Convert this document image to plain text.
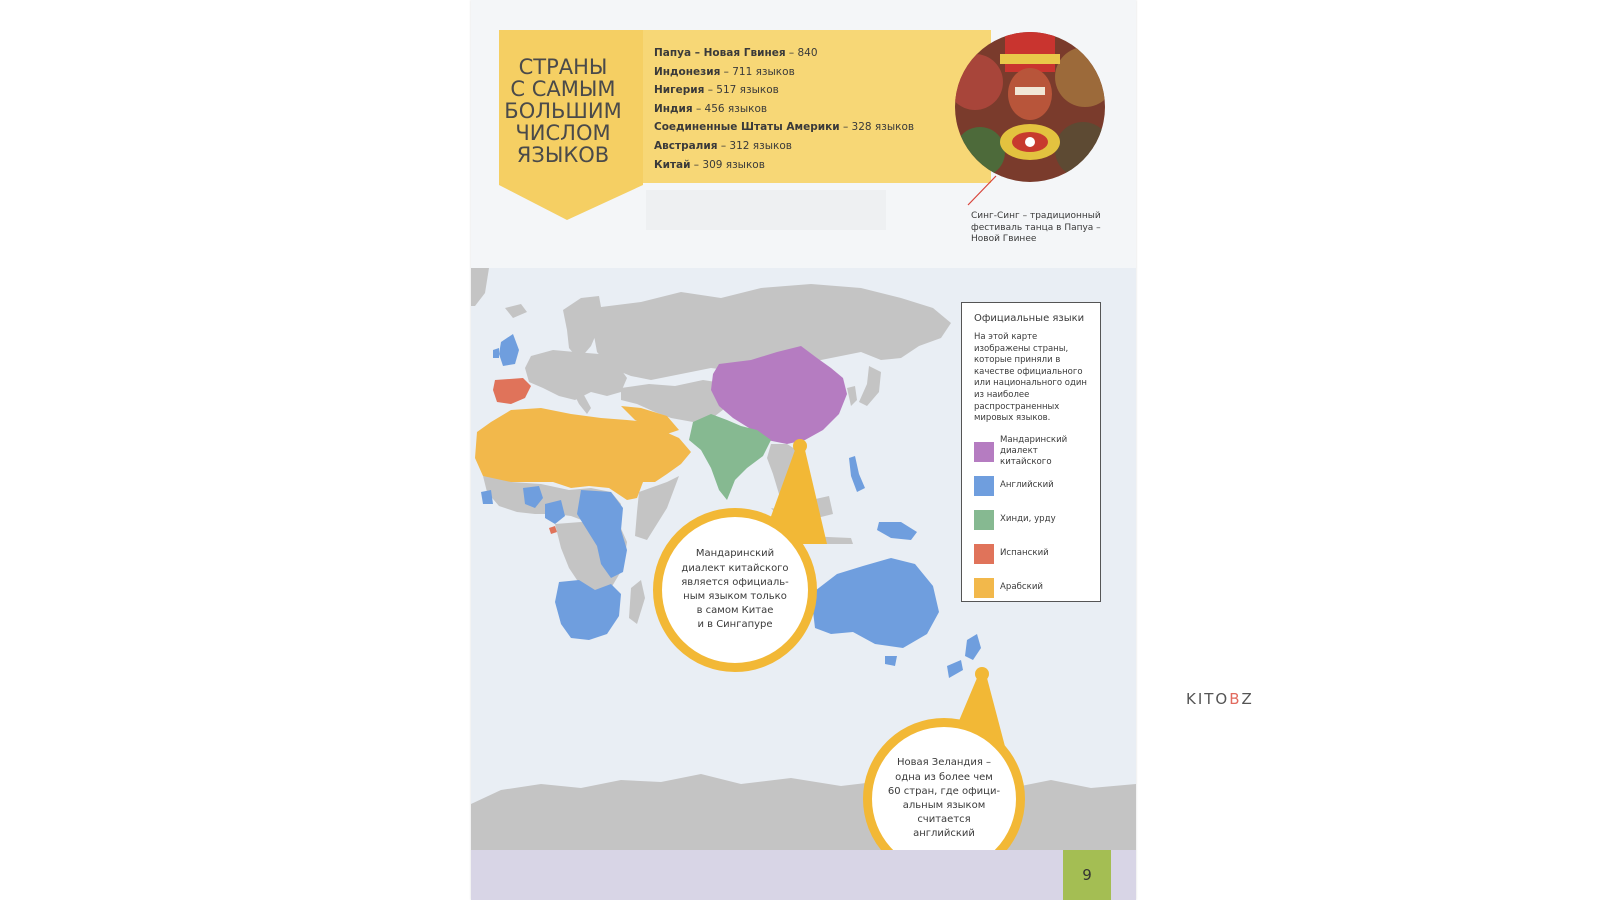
СТРАНЫ
С САМЫМ
БОЛЬШИМ
ЧИСЛОМ
ЯЗЫКОВ
Папуа – Новая Гвинея – 840
Индонезия – 711 языков
Нигерия – 517 языков
Индия – 456 языков
Соединенные Штаты Америки – 328 языков
Австралия – 312 языков
Китай – 309 языков
Синг-Синг – традиционный фестиваль танца в Папуа – Новой Гвинее
Официальные языки
На этой карте изображены страны, которые приняли в качестве официального или национального один из наиболее распространенных мировых языков.
Мандаринский диалект китайского
Английский
Хинди, урду
Испанский
Арабский
Мандаринский
диалект китайского
является официаль-
ным языком только
в самом Китае
и в Сингапуре
Новая Зеландия –
одна из более чем
60 стран, где офици-
альным языком
считается
английский
9
KITOBZ
